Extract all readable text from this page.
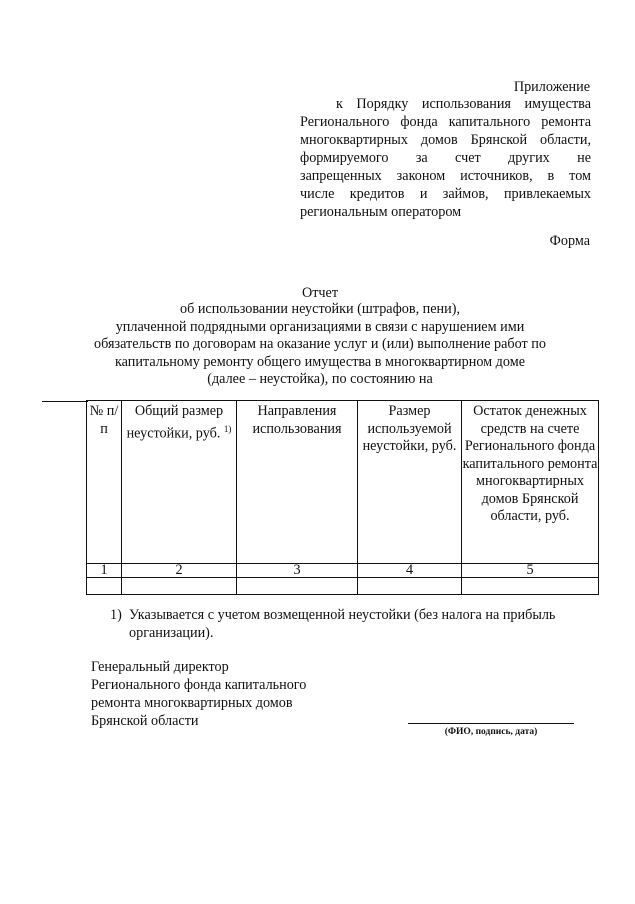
Приложение
к Порядку использования имущества
Регионального фонда капитального ремонта
многоквартирных домов Брянской области,
формируемого за счет других не
запрещенных законом источников, в том
числе кредитов и займов, привлекаемых
региональным оператором
Форма
Отчет
об использовании неустойки (штрафов, пени),
уплаченной подрядными организациями в связи с нарушением ими
обязательств по договорам на оказание услуг и (или) выполнение работ по
капитальному ремонту общего имущества в многоквартирном доме
(далее – неустойка), по состоянию на
№ п/п	Общий размер неустойки, руб. $^{1)}$	Направления использования	Размер используемой неустойки, руб.	Остаток денежных средств на счете Регионального фонда капитального ремонта многоквартирных домов Брянской области, руб.
1	2	3	4	5

1) Указывается с учетом возмещенной неустойки (без налога на прибыль организации).
Генеральный директор
Регионального фонда капитального
ремонта многоквартирных домов
Брянской области
(ФИО, подпись, дата)
